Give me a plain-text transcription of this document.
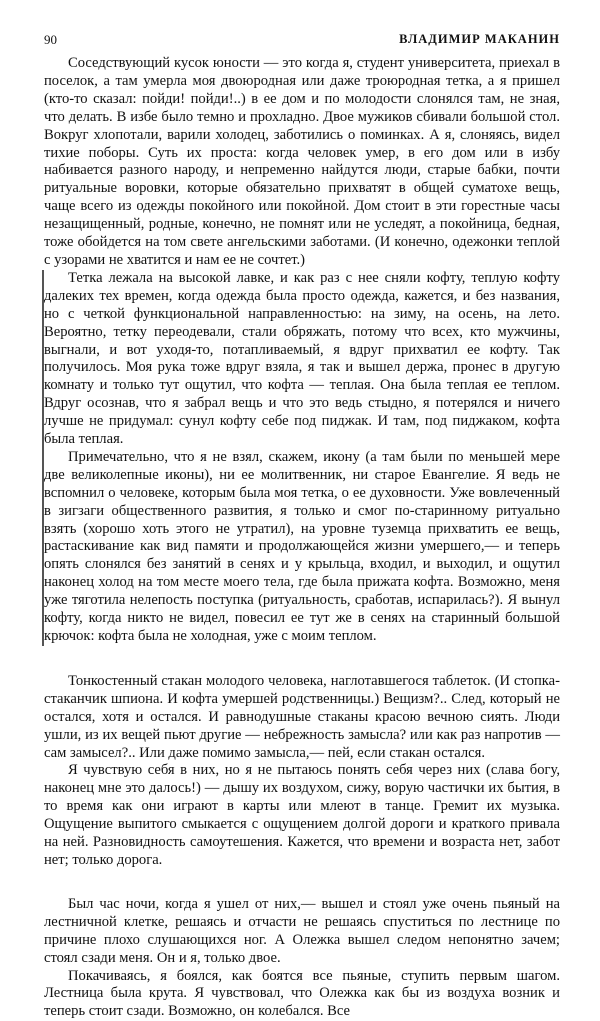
90	ВЛАДИМИР МАКАНИН

Соседствующий кусок юности — это когда я, студент университета, приехал в поселок, а там умерла моя двоюродная или даже троюродная тетка, а я пришел (кто-то сказал: пойди! пойди!..) в ее дом и по молодости слонялся там, не зная, что делать. В избе было темно и прохладно. Двое мужиков сбивали большой стол. Вокруг хлопотали, варили холодец, заботились о поминках. А я, слоняясь, видел тихие поборы. Суть их проста: когда человек умер, в его дом или в избу набивается разного народу, и непременно найдутся люди, старые бабки, почти ритуальные воровки, которые обязательно прихватят в общей суматохе вещь, чаще всего из одежды покойного или покойной. Дом стоит в эти горестные часы незащищенный, родные, конечно, не помнят или не уследят, а покойница, бедная, тоже обойдется на том свете ангельскими заботами. (И конечно, одежонки теплой с узорами не хватится и нам ее не сочтет.)

Тетка лежала на высокой лавке, и как раз с нее сняли кофту, теплую кофту далеких тех времен, когда одежда была просто одежда, кажется, и без названия, но с четкой функциональной направленностью: на зиму, на осень, на лето. Вероятно, тетку переодевали, стали обряжать, потому что всех, кто мужчины, выгнали, и вот уходя-то, потапливаемый, я вдруг прихватил ее кофту. Так получилось. Моя рука тоже вдруг взяла, я так и вышел держа, пронес в другую комнату и только тут ощутил, что кофта — теплая. Она была теплая ее теплом. Вдруг осознав, что я забрал вещь и что это ведь стыдно, я потерялся и ничего лучше не придумал: сунул кофту себе под пиджак. И там, под пиджаком, кофта была теплая.

Примечательно, что я не взял, скажем, икону (а там были по меньшей мере две великолепные иконы), ни ее молитвенник, ни старое Евангелие. Я ведь не вспомнил о человеке, которым была моя тетка, о ее духовности. Уже вовлеченный в зигзаги общественного развития, я только и смог по-старинному ритуально взять (хорошо хоть этого не утратил), на уровне туземца прихватить ее вещь, растаскивание как вид памяти и продолжающейся жизни умершего,— и теперь опять слонялся без занятий в сенях и у крыльца, входил, и выходил, и ощутил наконец холод на том месте моего тела, где была прижата кофта. Возможно, меня уже тяготила нелепость поступка (ритуальность, сработав, испарилась?). Я вынул кофту, когда никто не видел, повесил ее тут же в сенях на старинный большой крючок: кофта была не холодная, уже с моим теплом.

Тонкостенный стакан молодого человека, наглотавшегося таблеток. (И стопка-стаканчик шпиона. И кофта умершей родственницы.) Вещизм?.. След, который не остался, хотя и остался. И равнодушные стаканы красою вечною сиять. Люди ушли, из их вещей пьют другие — небрежность замысла? или как раз напротив — сам замысел?.. Или даже помимо замысла,— пей, если стакан остался.

Я чувствую себя в них, но я не пытаюсь понять себя через них (слава богу, наконец мне это далось!) — дышу их воздухом, сижу, ворую частички их бытия, в то время как они играют в карты или млеют в танце. Гремит их музыка. Ощущение выпитого смыкается с ощущением долгой дороги и краткого привала на ней. Разновидность самоутешения. Кажется, что времени и возраста нет, забот нет; только дорога.

Был час ночи, когда я ушел от них,— вышел и стоял уже очень пьяный на лестничной клетке, решаясь и отчасти не решаясь спуститься по лестнице по причине плохо слушающихся ног. А Олежка вышел следом непонятно зачем; стоял сзади меня. Он и я, только двое.

Покачиваясь, я боялся, как боятся все пьяные, ступить первым шагом. Лестница была крута. Я чувствовал, что Олежка как бы из воздуха возник и теперь стоит сзади. Возможно, он колебался. Все
